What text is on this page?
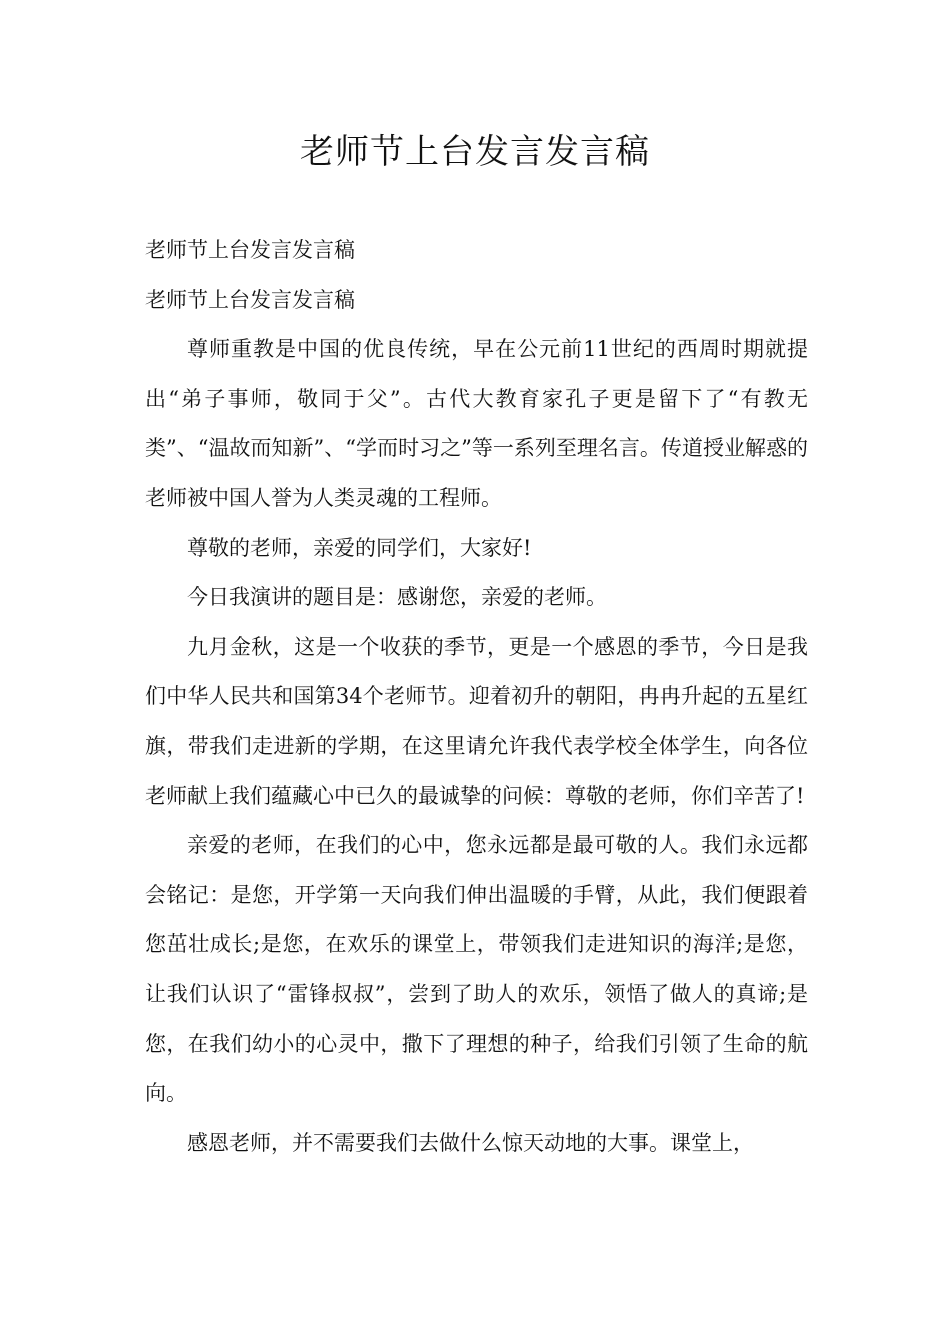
老师节上台发言发言稿

老师节上台发言发言稿

老师节上台发言发言稿

尊师重教是中国的优良传统，早在公元前11世纪的西周时期就提出“弟子事师，敬同于父”。古代大教育家孔子更是留下了“有教无类”、“温故而知新”、“学而时习之”等一系列至理名言。传道授业解惑的老师被中国人誉为人类灵魂的工程师。

尊敬的老师，亲爱的同学们，大家好!

今日我演讲的题目是：感谢您，亲爱的老师。

九月金秋，这是一个收获的季节，更是一个感恩的季节，今日是我们中华人民共和国第34个老师节。迎着初升的朝阳，冉冉升起的五星红旗，带我们走进新的学期，在这里请允许我代表学校全体学生，向各位老师献上我们蕴藏心中已久的最诚挚的问候：尊敬的老师，你们辛苦了!

亲爱的老师，在我们的心中，您永远都是最可敬的人。我们永远都会铭记：是您，开学第一天向我们伸出温暖的手臂，从此，我们便跟着您茁壮成长;是您，在欢乐的课堂上，带领我们走进知识的海洋;是您，让我们认识了“雷锋叔叔”，尝到了助人的欢乐，领悟了做人的真谛;是您，在我们幼小的心灵中，撒下了理想的种子，给我们引领了生命的航向。

感恩老师，并不需要我们去做什么惊天动地的大事。课堂上，
